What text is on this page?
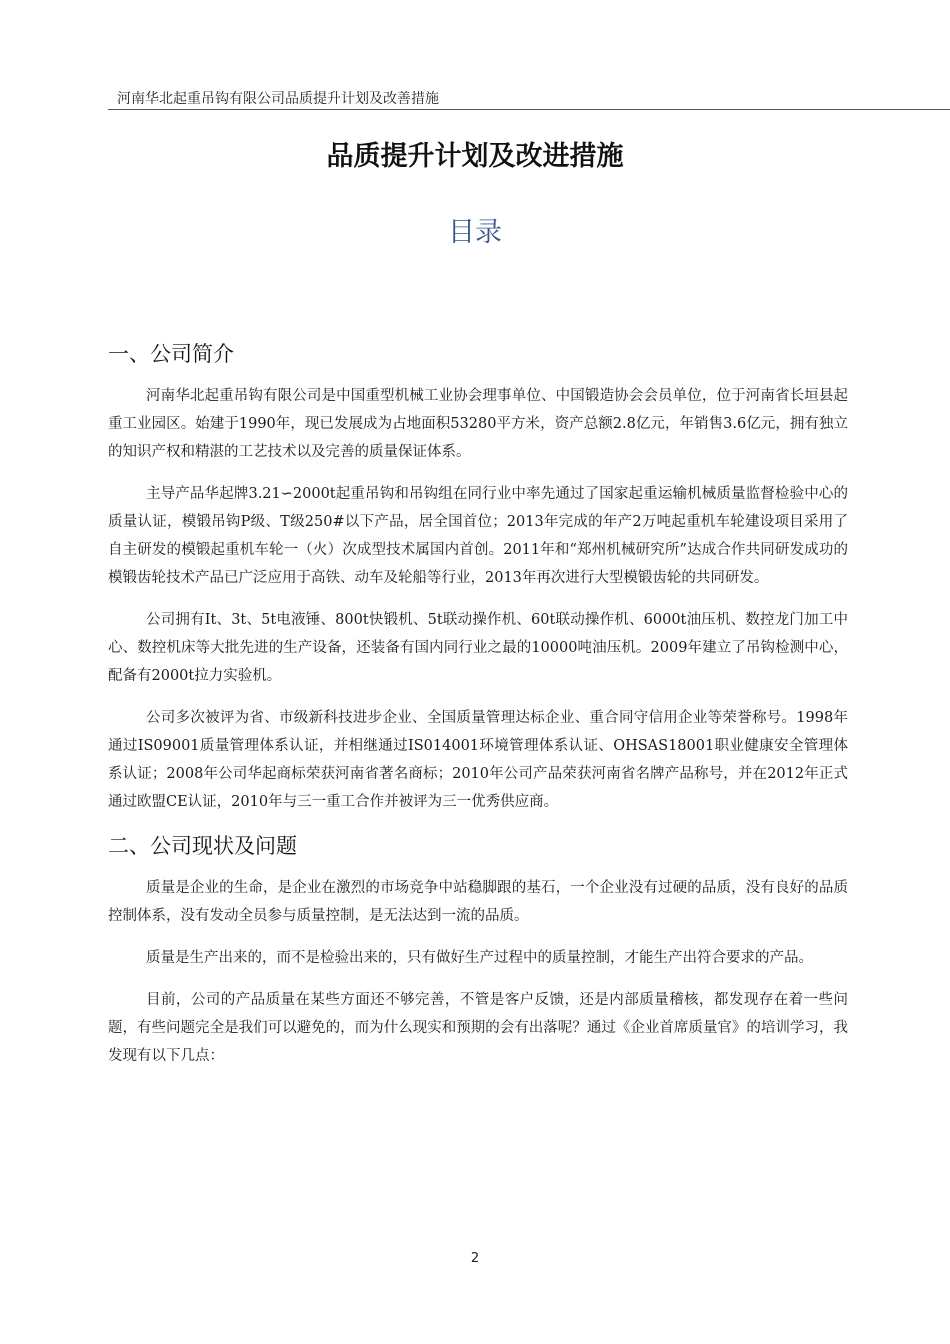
河南华北起重吊钩有限公司品质提升计划及改善措施
品质提升计划及改进措施
目录
一、公司简介

河南华北起重吊钩有限公司是中国重型机械工业协会理事单位、中国锻造协会会员单位，位于河南省长垣县起重工业园区。始建于1990年，现已发展成为占地面积53280平方米，资产总额2.8亿元，年销售3.6亿元，拥有独立的知识产权和精湛的工艺技术以及完善的质量保证体系。

主导产品华起牌3.21∽2000t起重吊钩和吊钩组在同行业中率先通过了国家起重运输机械质量监督检验中心的质量认证，模锻吊钩P级、T级250#以下产品，居全国首位；2013年完成的年产2万吨起重机车轮建设项目采用了自主研发的模锻起重机车轮一（火）次成型技术属国内首创。2011年和“郑州机械研究所”达成合作共同研发成功的模锻齿轮技术产品已广泛应用于高铁、动车及轮船等行业，2013年再次进行大型模锻齿轮的共同研发。

公司拥有It、3t、5t电液锤、800t快锻机、5t联动操作机、60t联动操作机、6000t油压机、数控龙门加工中心、数控机床等大批先进的生产设备，还装备有国内同行业之最的10000吨油压机。2009年建立了吊钩检测中心，配备有2000t拉力实验机。

公司多次被评为省、市级新科技进步企业、全国质量管理达标企业、重合同守信用企业等荣誉称号。1998年通过IS09001质量管理体系认证，并相继通过IS014001环境管理体系认证、OHSAS18001职业健康安全管理体系认证；2008年公司华起商标荣获河南省著名商标；2010年公司产品荣获河南省名牌产品称号，并在2012年正式通过欧盟CE认证，2010年与三一重工合作并被评为三一优秀供应商。

二、公司现状及问题

质量是企业的生命，是企业在激烈的市场竞争中站稳脚跟的基石，一个企业没有过硬的品质，没有良好的品质控制体系，没有发动全员参与质量控制，是无法达到一流的品质。

质量是生产出来的，而不是检验出来的，只有做好生产过程中的质量控制，才能生产出符合要求的产品。

目前，公司的产品质量在某些方面还不够完善，不管是客户反馈，还是内部质量稽核，都发现存在着一些问题，有些问题完全是我们可以避免的，而为什么现实和预期的会有出落呢？通过《企业首席质量官》的培训学习，我发现有以下几点：

2
